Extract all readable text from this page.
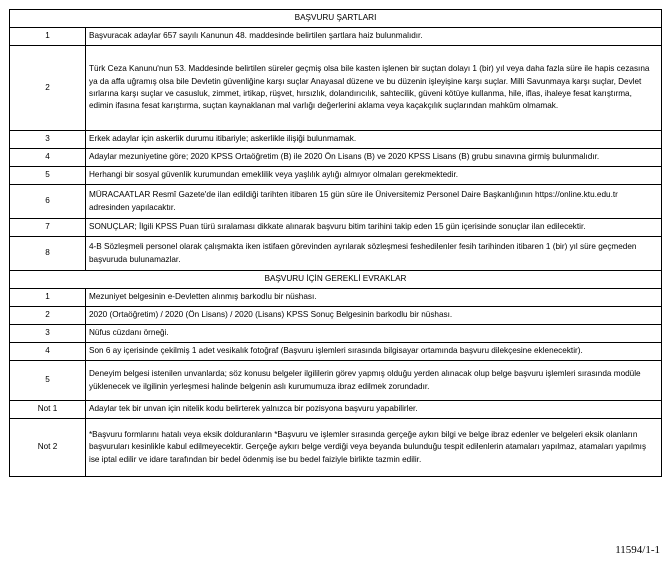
BAŞVURU ŞARTLARI	
1	Başvuracak adaylar 657 sayılı Kanunun 48. maddesinde belirtilen şartlara haiz bulunmalıdır.
2	Türk Ceza Kanunu'nun 53. Maddesinde belirtilen süreler geçmiş olsa bile kasten işlenen bir suçtan dolayı 1 (bir) yıl veya daha fazla süre ile hapis cezasına ya da affa uğramış olsa bile Devletin güvenliğine karşı suçlar Anayasal düzene ve bu düzenin işleyişine karşı suçlar. Milli Savunmaya karşı suçlar, Devlet sırlarına karşı suçlar ve casusluk, zimmet, irtikap, rüşvet, hırsızlık, dolandırıcılık, sahtecilik, güveni kötüye kullanma, hile, iflas, ihaleye fesat karıştırma, edimin ifasına fesat karıştırma, suçtan kaynaklanan mal varlığı değerlerini aklama veya kaçakçılık suçlarından mahkûm olmamak.
3	Erkek adaylar için askerlik durumu itibariyle; askerlikle ilişiği bulunmamak.
4	Adaylar mezuniyetine göre; 2020 KPSS Ortaöğretim (B) ile 2020 Ön Lisans (B) ve 2020 KPSS Lisans (B) grubu sınavına girmiş bulunmalıdır.
5	Herhangi bir sosyal güvenlik kurumundan emeklilik veya yaşlılık aylığı almıyor olmaları gerekmektedir.
6	MÜRACAATLAR Resmî Gazete'de ilan edildiği tarihten itibaren 15 gün süre ile Üniversitemiz Personel Daire Başkanlığının https://online.ktu.edu.tr adresinden yapılacaktır.
7	SONUÇLAR; İlgili KPSS Puan türü sıralaması dikkate alınarak başvuru bitim tarihini takip eden 15 gün içerisinde sonuçlar ilan edilecektir.
8	4-B Sözleşmeli personel olarak çalışmakta iken istifaen görevinden ayrılarak sözleşmesi feshedilenler fesih tarihinden itibaren 1 (bir) yıl süre geçmeden başvuruda bulunamazlar.
BAŞVURU İÇİN GEREKLİ EVRAKLAR	
1	Mezuniyet belgesinin e-Devletten alınmış barkodlu bir nüshası.
2	2020 (Ortaöğretim) / 2020 (Ön Lisans) / 2020 (Lisans) KPSS Sonuç Belgesinin barkodlu bir nüshası.
3	Nüfus cüzdanı örneği.
4	Son 6 ay içerisinde çekilmiş 1 adet vesikalık fotoğraf (Başvuru işlemleri sırasında bilgisayar ortamında başvuru dilekçesine eklenecektir).
5	Deneyim belgesi istenilen unvanlarda; söz konusu belgeler ilgililerin görev yapmış olduğu yerden alınacak olup belge başvuru işlemleri sırasında modüle yüklenecek ve ilgilinin yerleşmesi halinde belgenin aslı kurumumuza ibraz edilmek zorundadır.
Not 1	Adaylar tek bir unvan için nitelik kodu belirterek yalnızca bir pozisyona başvuru yapabilirler.
Not 2	*Başvuru formlarını hatalı veya eksik dolduranların *Başvuru ve işlemler sırasında gerçeğe aykırı bilgi ve belge ibraz edenler ve belgeleri eksik olanların başvuruları kesinlikle kabul edilmeyecektir. Gerçeğe aykırı belge verdiği veya beyanda bulunduğu tespit edilenlerin atamaları yapılmaz, atamaları yapılmış ise iptal edilir ve idare tarafından bir bedel ödenmiş ise bu bedel faiziyle birlikte tazmin edilir.
11594/1-1
